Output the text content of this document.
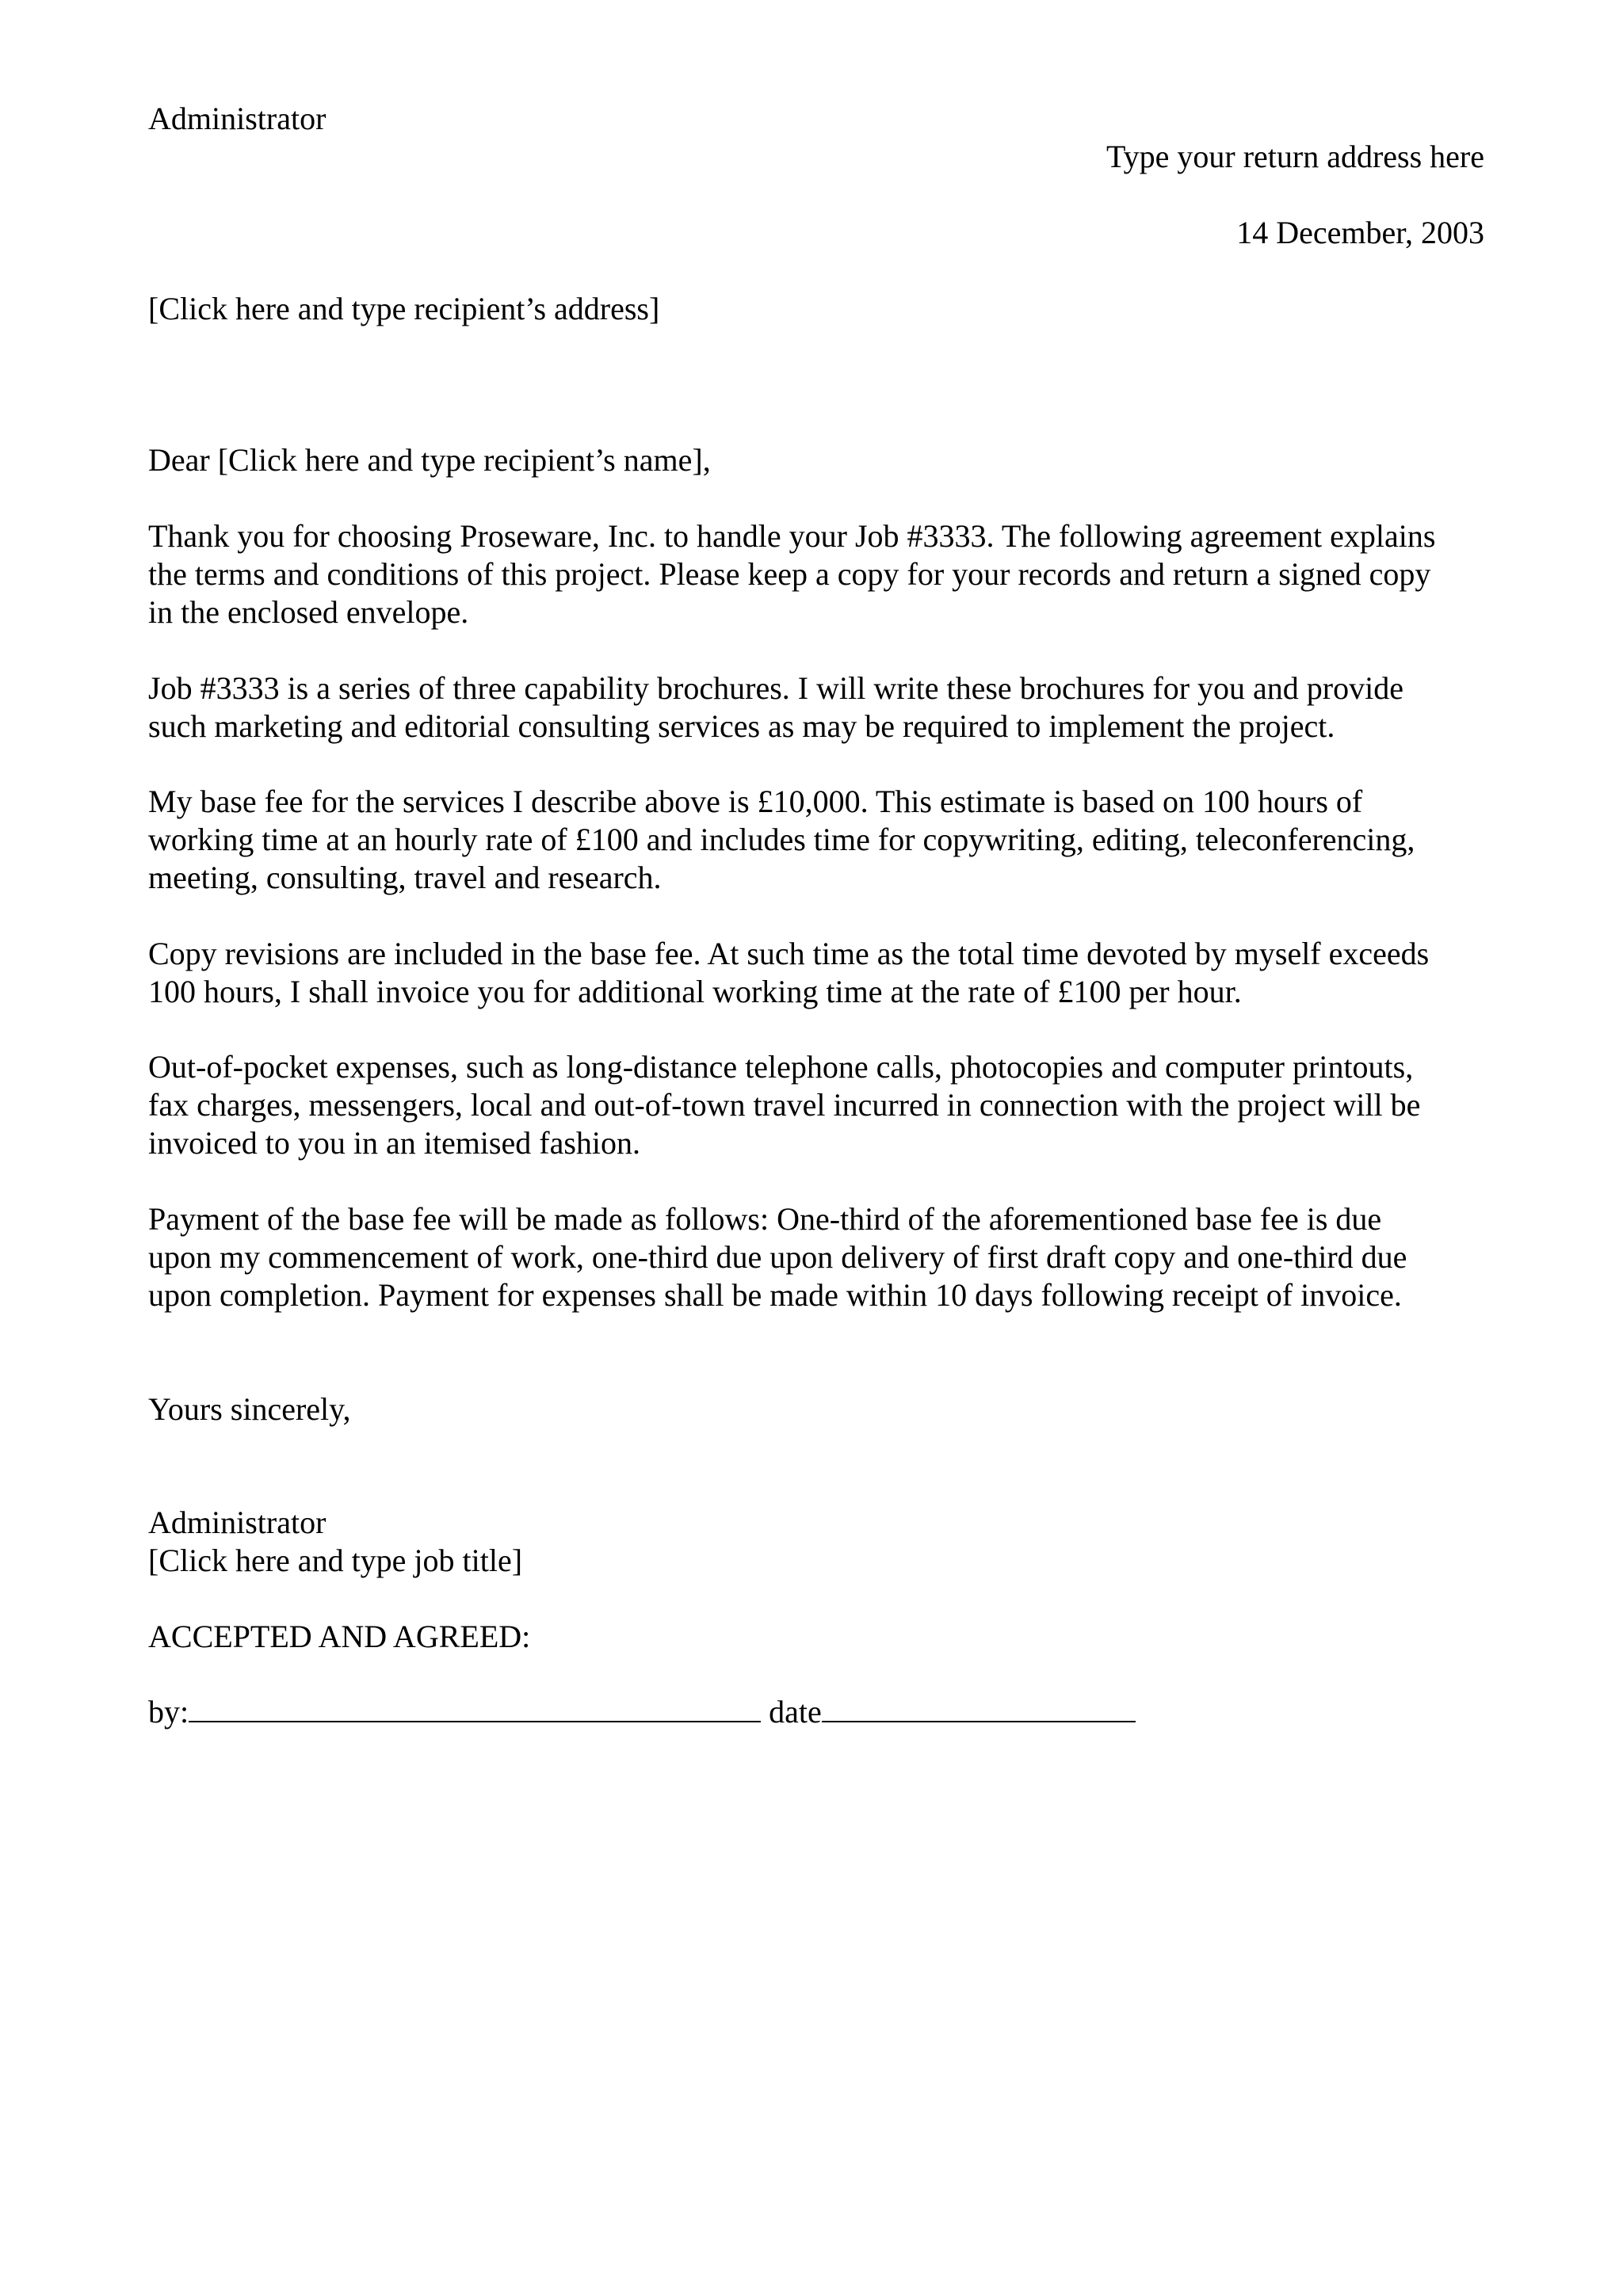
Administrator

Type your return address here

14 December, 2003

[Click here and type recipient’s address]

Dear [Click here and type recipient’s name],

Thank you for choosing Proseware, Inc. to handle your Job #3333. The following agreement explains
the terms and conditions of this project. Please keep a copy for your records and return a signed copy
in the enclosed envelope.
Job #3333 is a series of three capability brochures. I will write these brochures for you and provide
such marketing and editorial consulting services as may be required to implement the project.
My base fee for the services I describe above is £10,000. This estimate is based on 100 hours of
working time at an hourly rate of £100 and includes time for copywriting, editing, teleconferencing,
meeting, consulting, travel and research.
Copy revisions are included in the base fee. At such time as the total time devoted by myself exceeds
100 hours, I shall invoice you for additional working time at the rate of £100 per hour.
Out-of-pocket expenses, such as long-distance telephone calls, photocopies and computer printouts,
fax charges, messengers, local and out-of-town travel incurred in connection with the project will be
invoiced to you in an itemised fashion.
Payment of the base fee will be made as follows: One-third of the aforementioned base fee is due
upon my commencement of work, one-third due upon delivery of first draft copy and one-third due
upon completion. Payment for expenses shall be made within 10 days following receipt of invoice.

Yours sincerely,

Administrator

[Click here and type job title]

ACCEPTED AND AGREED:

by:	date
